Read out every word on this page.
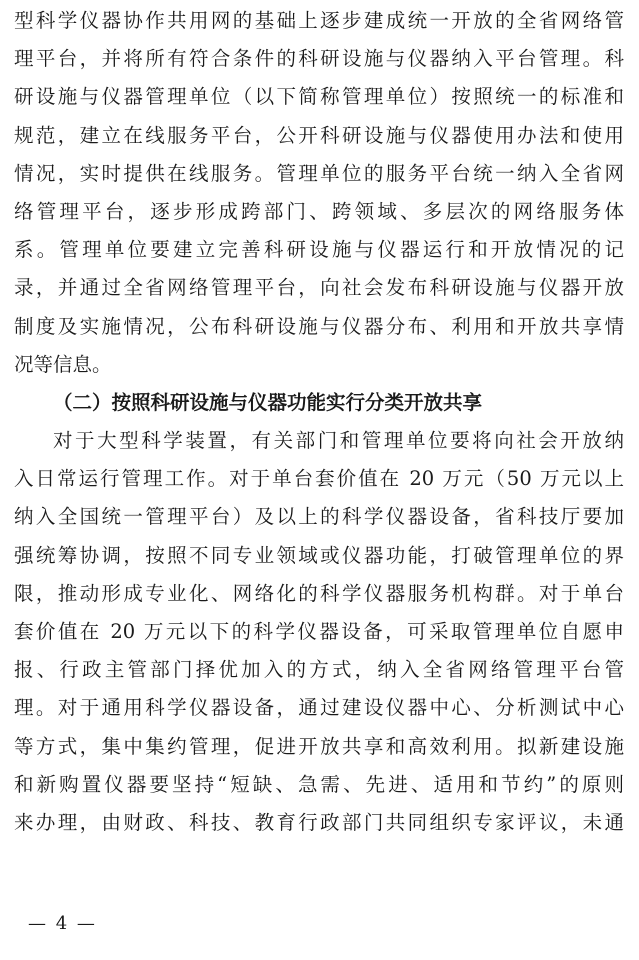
型科学仪器协作共用网的基础上逐步建成统一开放的全省网络管
理平台，并将所有符合条件的科研设施与仪器纳入平台管理。科
研设施与仪器管理单位（以下简称管理单位）按照统一的标准和
规范，建立在线服务平台，公开科研设施与仪器使用办法和使用
情况，实时提供在线服务。管理单位的服务平台统一纳入全省网
络管理平台，逐步形成跨部门、跨领域、多层次的网络服务体
系。管理单位要建立完善科研设施与仪器运行和开放情况的记
录，并通过全省网络管理平台，向社会发布科研设施与仪器开放
制度及实施情况，公布科研设施与仪器分布、利用和开放共享情
况等信息。
（二）按照科研设施与仪器功能实行分类开放共享
对于大型科学装置，有关部门和管理单位要将向社会开放纳
入日常运行管理工作。对于单台套价值在 20 万元（50 万元以上
纳入全国统一管理平台）及以上的科学仪器设备，省科技厅要加
强统筹协调，按照不同专业领域或仪器功能，打破管理单位的界
限，推动形成专业化、网络化的科学仪器服务机构群。对于单台
套价值在 20 万元以下的科学仪器设备，可采取管理单位自愿申
报、行政主管部门择优加入的方式，纳入全省网络管理平台管
理。对于通用科学仪器设备，通过建设仪器中心、分析测试中心
等方式，集中集约管理，促进开放共享和高效利用。拟新建设施
和新购置仪器要坚持“短缺、急需、先进、适用和节约”的原则
来办理，由财政、科技、教育行政部门共同组织专家评议，未通
— 4 —
